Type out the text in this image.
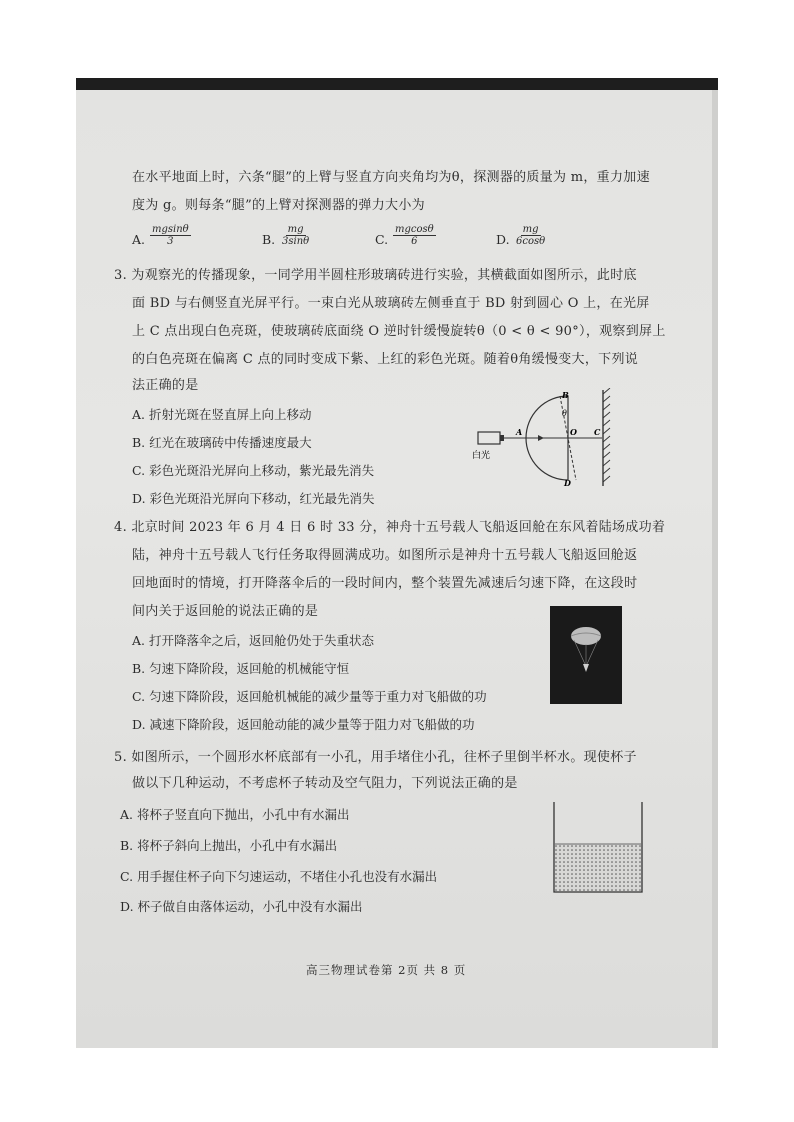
在水平地面上时，六条“腿”的上臂与竖直方向夹角均为θ，探测器的质量为 m，重力加速
度为 g。则每条“腿”的上臂对探测器的弹力大小为
A. $\frac{mgsin\theta}{3}$	B. $\frac{mg}{3\sin\theta}$	C. $\frac{mgcos\theta}{6}$	D. $\frac{mg}{6\cos\theta}$
3. 为观察光的传播现象，一同学用半圆柱形玻璃砖进行实验，其横截面如图所示，此时底
面 BD 与右侧竖直光屏平行。一束白光从玻璃砖左侧垂直于 BD 射到圆心 O 上，在光屏
上 C 点出现白色亮斑，使玻璃砖底面绕 O 逆时针缓慢旋转θ（0 < θ < 90°），观察到屏上
的白色亮斑在偏离 C 点的同时变成下紫、上红的彩色光斑。随着θ角缓慢变大，下列说
法正确的是
A. 折射光斑在竖直屏上向上移动
B. 红光在玻璃砖中传播速度最大
C. 彩色光斑沿光屏向上移动，紫光最先消失
D. 彩色光斑沿光屏向下移动，红光最先消失
白光
A
B
θ
O C
D
4. 北京时间 2023 年 6 月 4 日 6 时 33 分，神舟十五号载人飞船返回舱在东风着陆场成功着
陆，神舟十五号载人飞行任务取得圆满成功。如图所示是神舟十五号载人飞船返回舱返
回地面时的情境，打开降落伞后的一段时间内，整个装置先减速后匀速下降，在这段时
间内关于返回舱的说法正确的是
A. 打开降落伞之后，返回舱仍处于失重状态
B. 匀速下降阶段，返回舱的机械能守恒
C. 匀速下降阶段，返回舱机械能的减少量等于重力对飞船做的功
D. 减速下降阶段，返回舱动能的减少量等于阻力对飞船做的功
5. 如图所示，一个圆形水杯底部有一小孔，用手堵住小孔，往杯子里倒半杯水。现使杯子
做以下几种运动，不考虑杯子转动及空气阻力，下列说法正确的是
A. 将杯子竖直向下抛出，小孔中有水漏出
B. 将杯子斜向上抛出，小孔中有水漏出
C. 用手握住杯子向下匀速运动，不堵住小孔也没有水漏出
D. 杯子做自由落体运动，小孔中没有水漏出
高三物理试卷第 2页 共 8 页
